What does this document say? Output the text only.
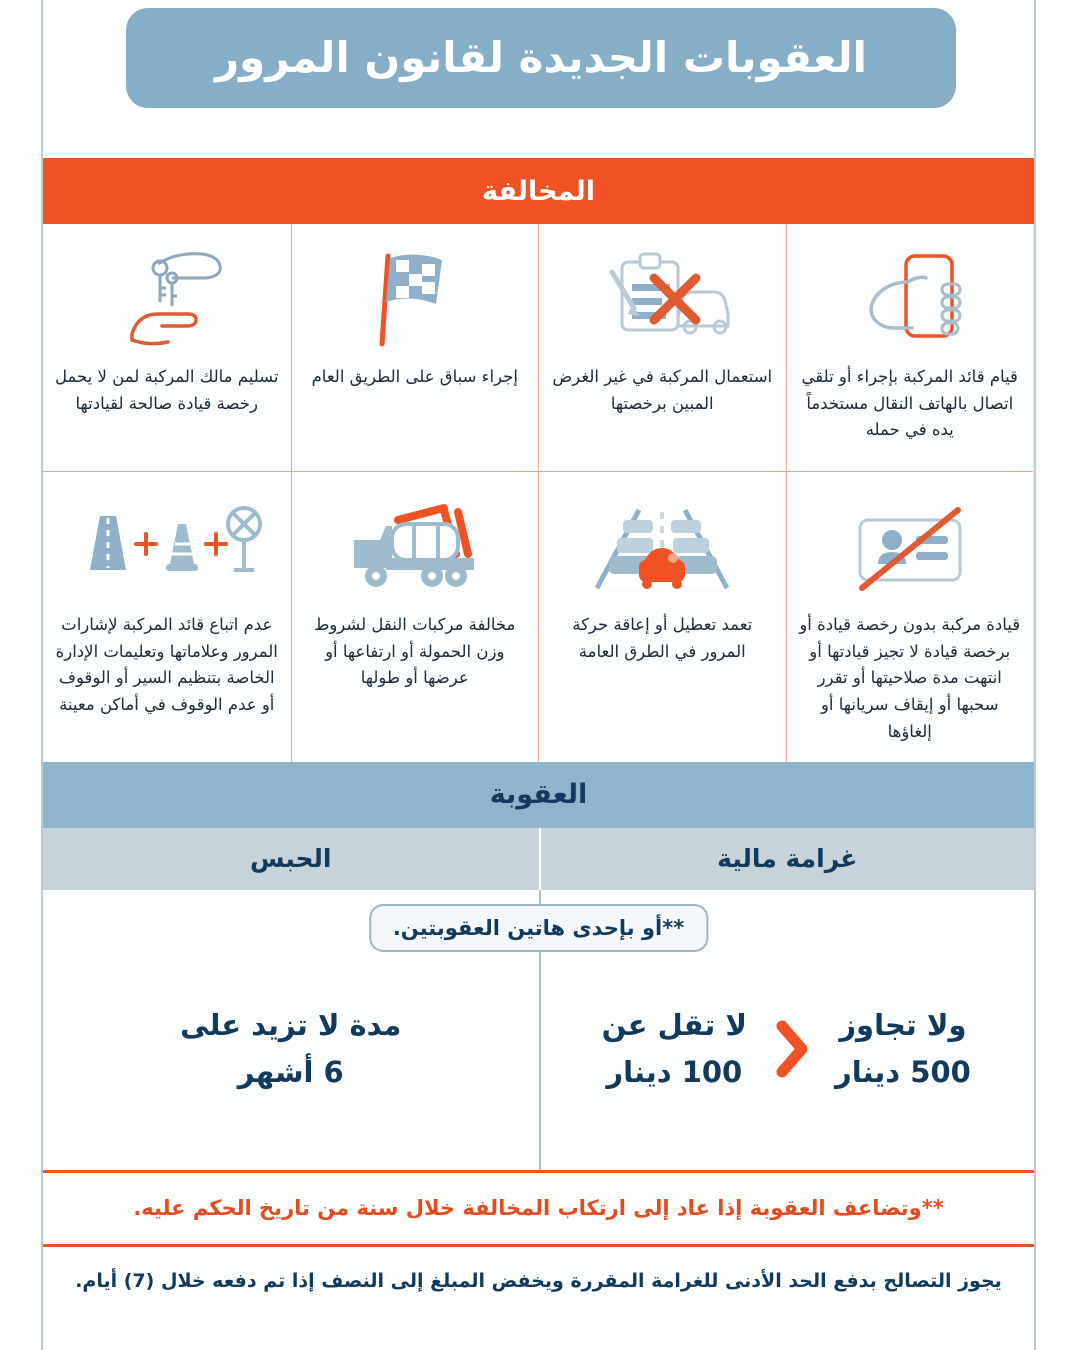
العقوبات الجديدة لقانون المرور
المخالفة
قيام قائد المركبة بإجراء أو تلقي اتصال بالهاتف النقال مستخدماً يده في حمله
استعمال المركبة في غير الغرض المبين برخصتها
إجراء سباق على الطريق العام
تسليم مالك المركبة لمن لا يحمل رخصة قيادة صالحة لقيادتها
قيادة مركبة بدون رخصة قيادة أو برخصة قيادة لا تجيز قيادتها أو انتهت مدة صلاحيتها أو تقرر سحبها أو إيقاف سريانها أو إلغاؤها
تعمد تعطيل أو إعاقة حركة المرور في الطرق العامة
مخالفة مركبات النقل لشروط وزن الحمولة أو ارتفاعها أو عرضها أو طولها
عدم اتباع قائد المركبة لإشارات المرور وعلاماتها وتعليمات الإدارة الخاصة بتنظيم السير أو الوقوف أو عدم الوقوف في أماكن معينة
العقوبة
غرامة مالية
الحبس
**أو بإحدى هاتين العقوبتين.
ولا تجاوز
500 دينار
لا تقل عن
100 دينار
مدة لا تزيد على
6 أشهر
**وتضاعف العقوبة إذا عاد إلى ارتكاب المخالفة خلال سنة من تاريخ الحكم عليه.
يجوز التصالح بدفع الحد الأدنى للغرامة المقررة ويخفض المبلغ إلى النصف إذا تم دفعه خلال (7) أيام.
